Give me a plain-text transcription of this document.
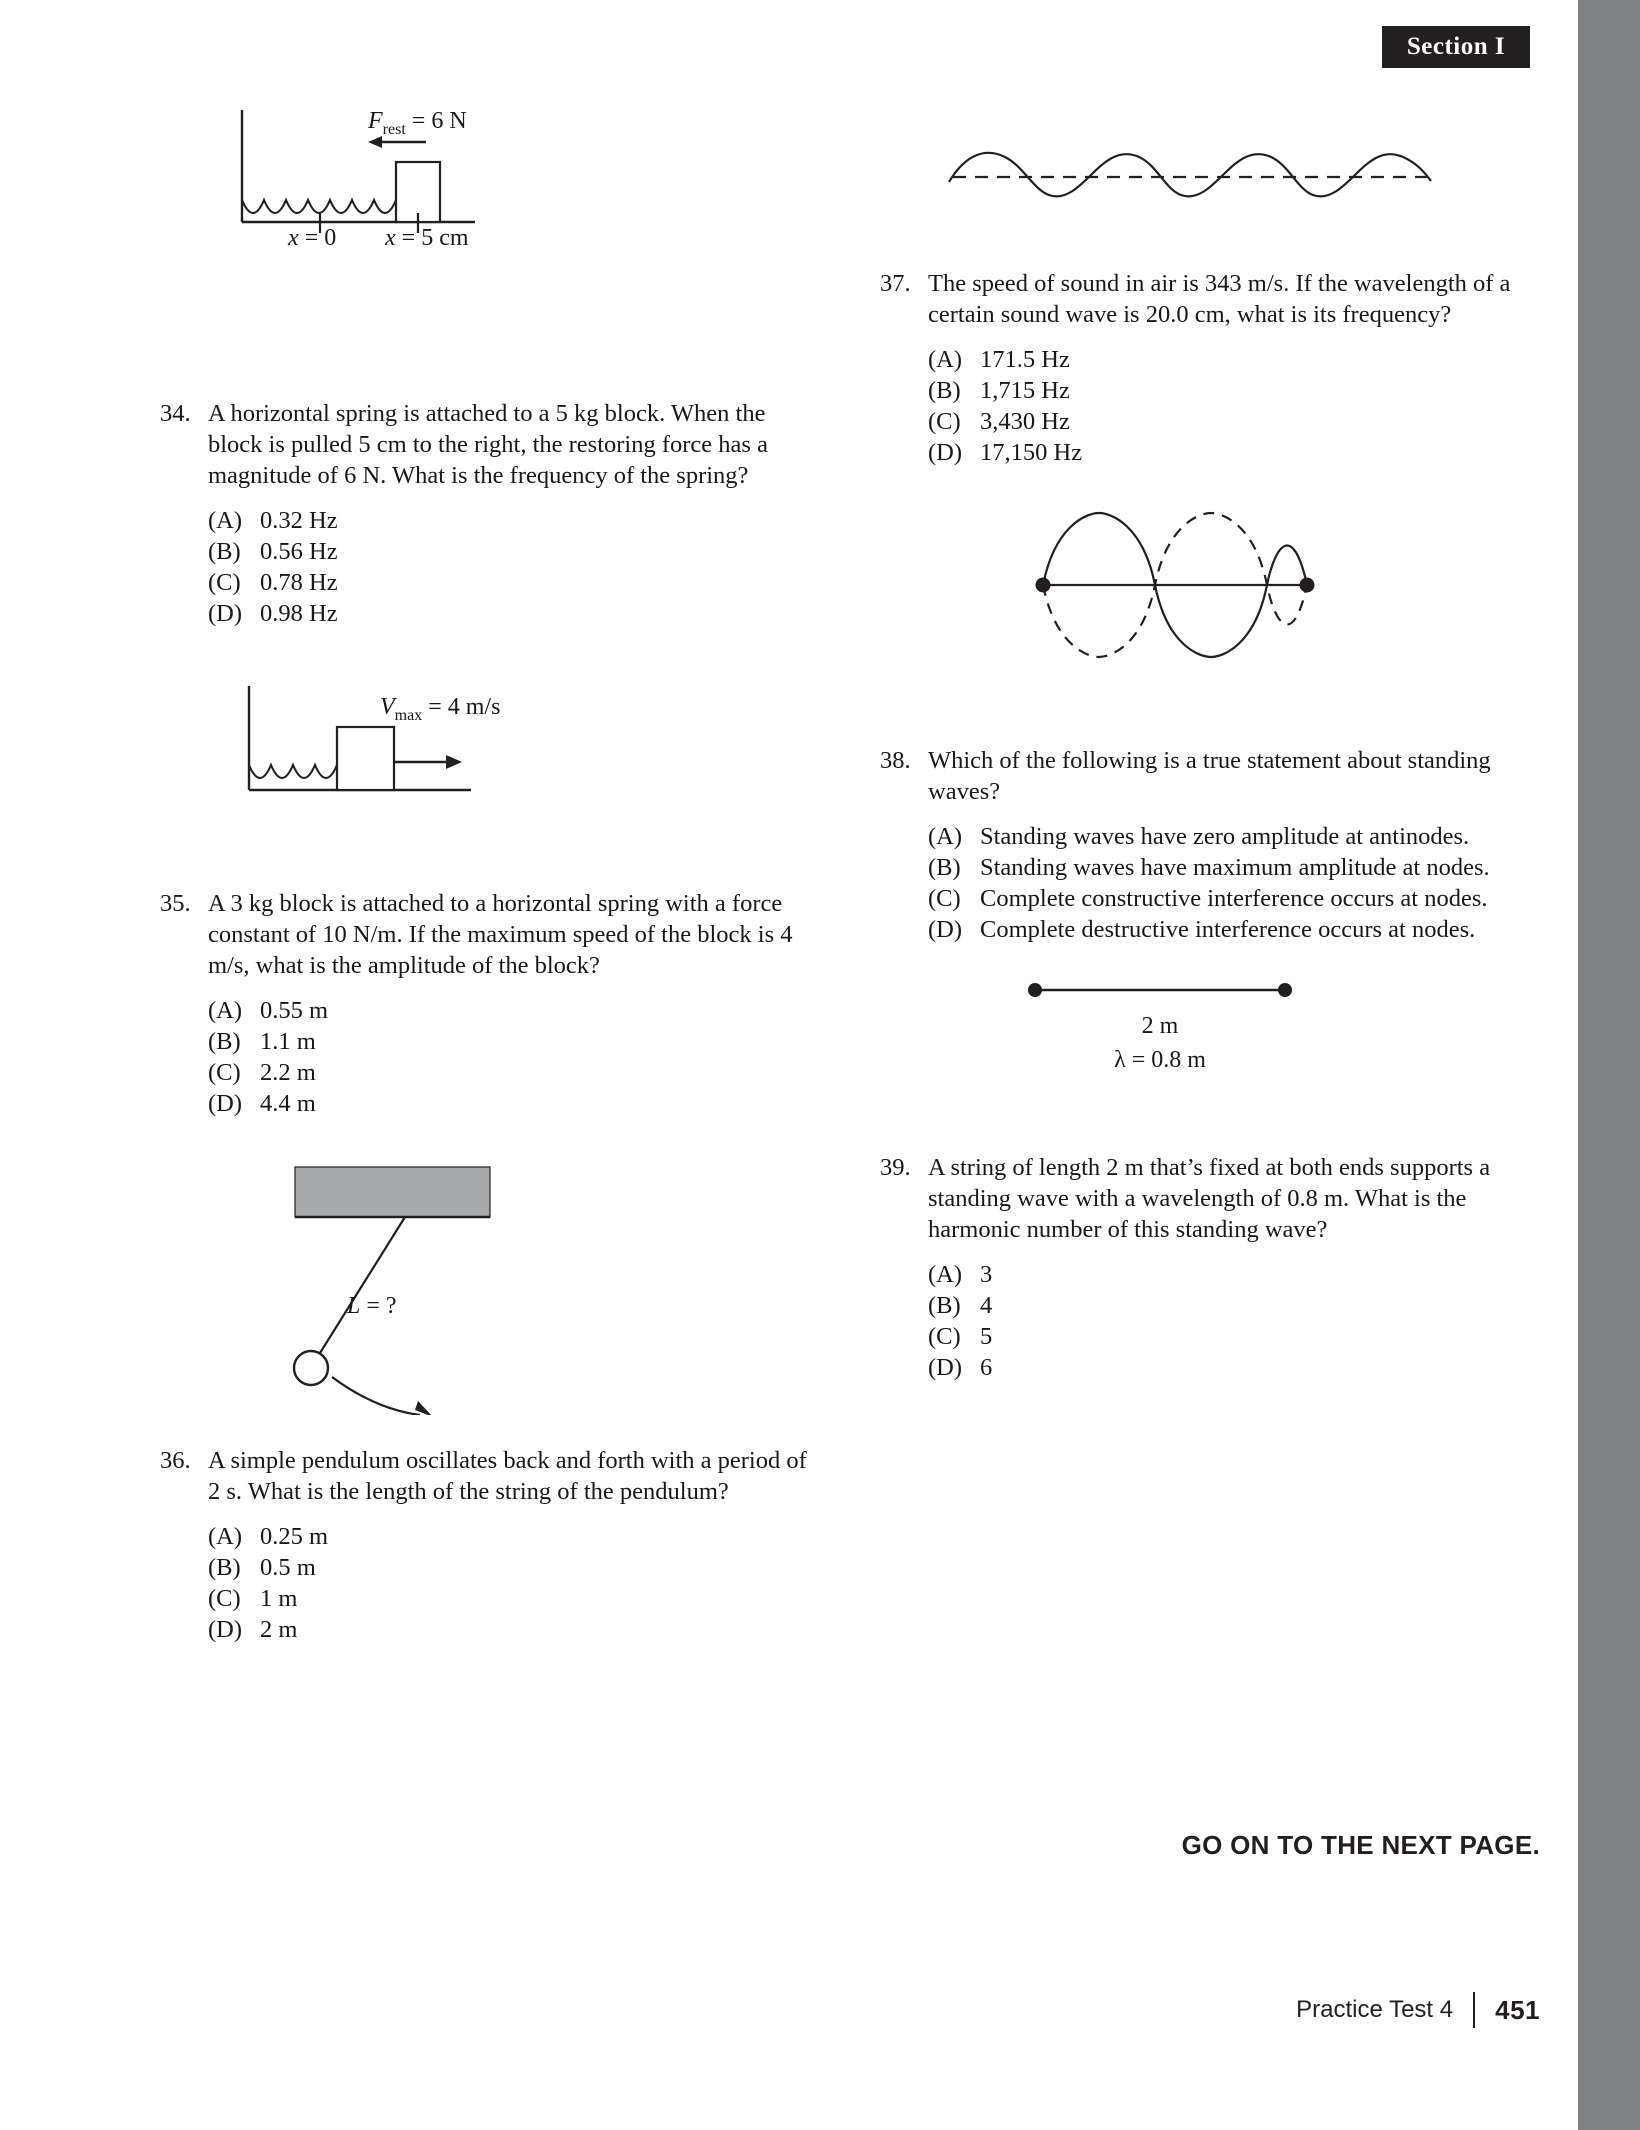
Section I
$F_{rest} = 6$ N
x = 0 x = 5 cm
34. A horizontal spring is attached to a 5 kg block. When the block is pulled 5 cm to the right, the restoring force has a magnitude of 6 N. What is the frequency of the spring?
(A) 0.32 Hz
(B) 0.56 Hz
(C) 0.78 Hz
(D) 0.98 Hz
$V_{max} = 4$ m/s
35. A 3 kg block is attached to a horizontal spring with a force constant of 10 N/m. If the maximum speed of the block is 4 m/s, what is the amplitude of the block?
(A) 0.55 m
(B) 1.1 m
(C) 2.2 m
(D) 4.4 m
L = ?
36. A simple pendulum oscillates back and forth with a period of 2 s. What is the length of the string of the pendulum?
(A) 0.25 m
(B) 0.5 m
(C) 1 m
(D) 2 m
37. The speed of sound in air is 343 m/s. If the wavelength of a certain sound wave is 20.0 cm, what is its frequency?
(A) 171.5 Hz
(B) 1,715 Hz
(C) 3,430 Hz
(D) 17,150 Hz
38. Which of the following is a true statement about standing waves?
(A) Standing waves have zero amplitude at antinodes.
(B) Standing waves have maximum amplitude at nodes.
(C) Complete constructive interference occurs at nodes.
(D) Complete destructive interference occurs at nodes.
2 m
λ = 0.8 m
39. A string of length 2 m that’s fixed at both ends supports a standing wave with a wavelength of 0.8 m. What is the harmonic number of this standing wave?
(A) 3
(B) 4
(C) 5
(D) 6
GO ON TO THE NEXT PAGE.
Practice Test 4 451
